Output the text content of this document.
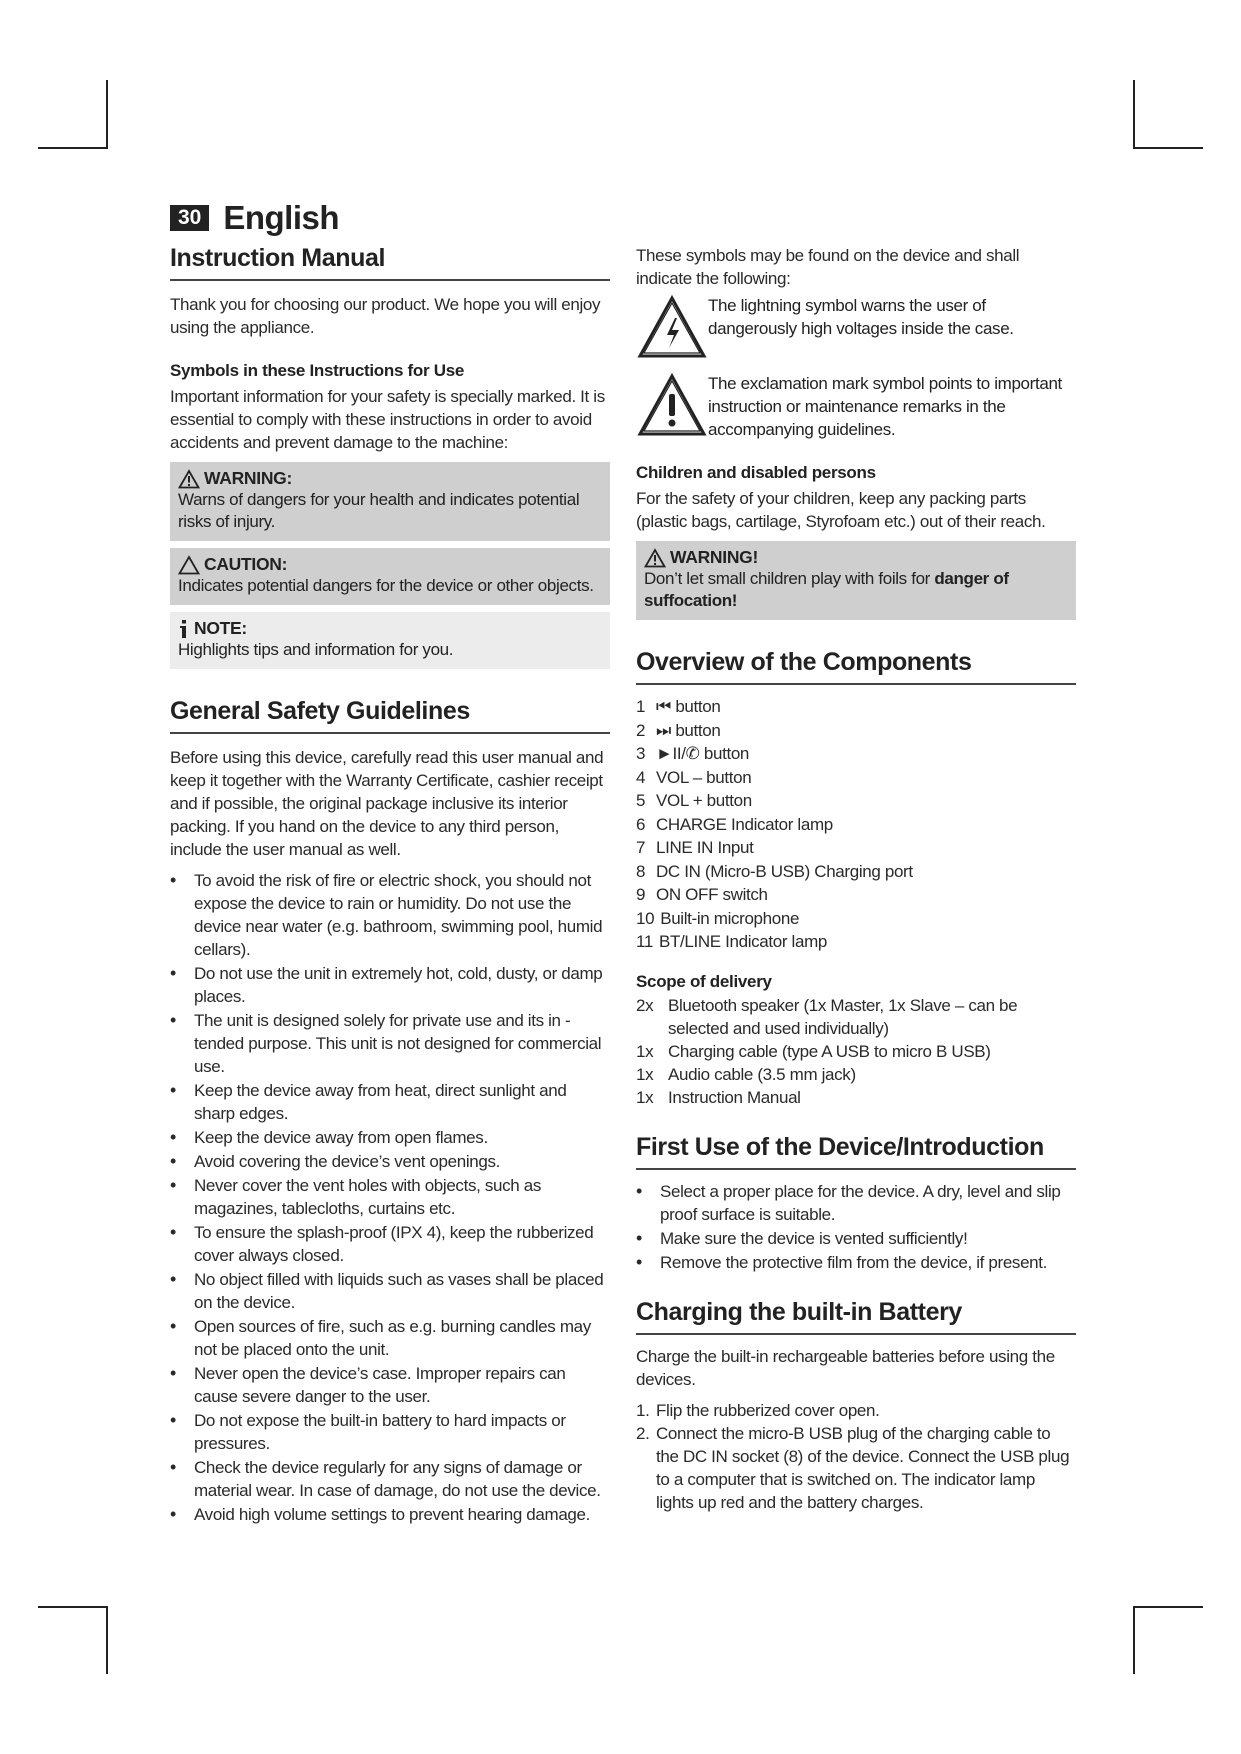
30 English
Instruction Manual

Thank you for choosing our product. We hope you will enjoy using the appliance.

Symbols in these Instructions for Use

Important information for your safety is specially marked. It is essential to comply with these instructions in order to avoid accidents and prevent damage to the machine:

WARNING:
Warns of dangers for your health and indicates potential risks of injury.
CAUTION:
Indicates potential dangers for the device or other objects.
NOTE:
Highlights tips and information for you.
General Safety Guidelines

Before using this device, carefully read this user manual and keep it together with the Warranty Certificate, cashier receipt and if possible, the original package inclusive its interior packing. If you hand on the device to any third person, include the user manual as well.

• To avoid the risk of fire or electric shock, you should not expose the device to rain or humidity. Do not use the device near water (e.g. bathroom, swimming pool, humid cellars).
• Do not use the unit in extremely hot, cold, dusty, or damp places.
• The unit is designed solely for private use and its in - tended purpose. This unit is not designed for commercial use.
• Keep the device away from heat, direct sunlight and sharp edges.
• Keep the device away from open flames.
• Avoid covering the device’s vent openings.
• Never cover the vent holes with objects, such as magazines, tablecloths, curtains etc.
• To ensure the splash-proof (IPX 4), keep the rubberized cover always closed.
• No object filled with liquids such as vases shall be placed on the device.
• Open sources of fire, such as e.g. burning candles may not be placed onto the unit.
• Never open the device’s case. Improper repairs can cause severe danger to the user.
• Do not expose the built-in battery to hard impacts or pressures.
• Check the device regularly for any signs of damage or material wear. In case of damage, do not use the device.
• Avoid high volume settings to prevent hearing damage.

These symbols may be found on the device and shall indicate the following:

The lightning symbol warns the user of dangerously high voltages inside the case.
The exclamation mark symbol points to important instruction or maintenance remarks in the accompanying guidelines.
Children and disabled persons

For the safety of your children, keep any packing parts (plastic bags, cartilage, Styrofoam etc.) out of their reach.

WARNING!
Don’t let small children play with foils for danger of suffocation!
Overview of the Components
1 ⏮ button
2 ⏭ button
3 ►II/✆ button
4 VOL – button
5 VOL + button
6 CHARGE Indicator lamp
7 LINE IN Input
8 DC IN (Micro-B USB) Charging port
9 ON OFF switch
10 Built-in microphone
11 BT/LINE Indicator lamp
Scope of delivery

2x Bluetooth speaker (1x Master, 1x Slave – can be selected and used individually)

1x Charging cable (type A USB to micro B USB)

1x Audio cable (3.5 mm jack)

1x Instruction Manual

First Use of the Device/Introduction
• Select a proper place for the device. A dry, level and slip proof surface is suitable.
• Make sure the device is vented sufficiently!
• Remove the protective film from the device, if present.
Charging the built-in Battery

Charge the built-in rechargeable batteries before using the devices.

1. Flip the rubberized cover open.
2. Connect the micro-B USB plug of the charging cable to the DC IN socket (8) of the device. Connect the USB plug to a computer that is switched on. The indicator lamp lights up red and the battery charges.
